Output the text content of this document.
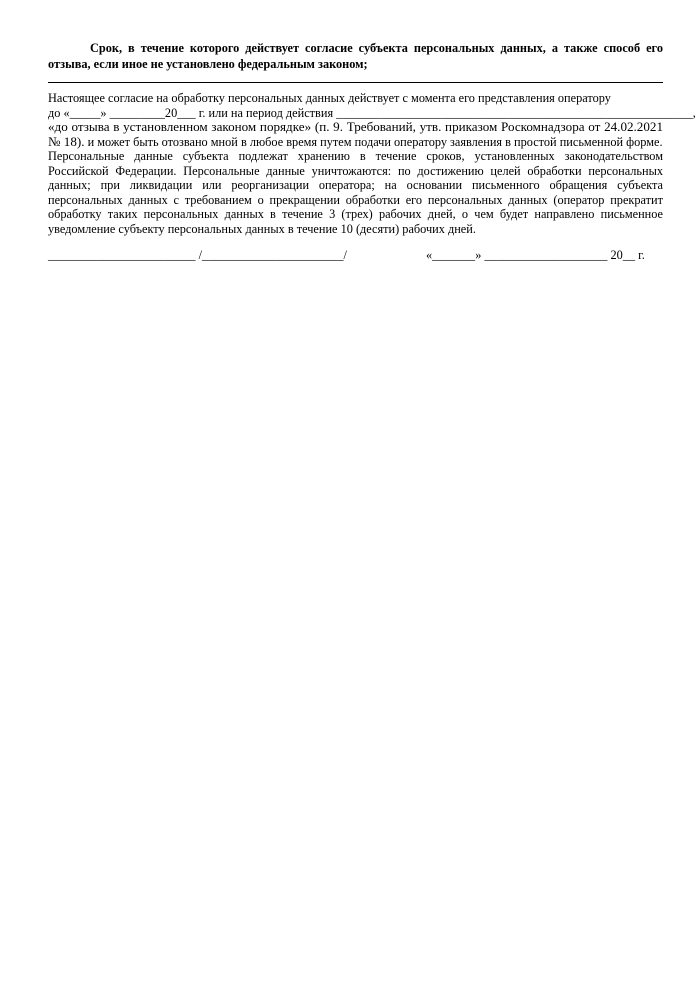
Срок, в течение которого действует согласие субъекта персональных данных, а также способ его отзыва, если иное не установлено федеральным законом;

Настоящее согласие на обработку персональных данных действует с момента его представления оператору

до «_____» _________20___ г. или на период действия __________________________________________________________,

«до отзыва в установленном законом порядке» (п. 9. Требований, утв. приказом Роскомнадзора от 24.02.2021 № 18). и может быть отозвано мной в любое время путем подачи оператору заявления в простой письменной форме.

Персональные данные субъекта подлежат хранению в течение сроков, установленных законодательством Российской Федерации. Персональные данные уничтожаются: по достижению целей обработки персональных данных; при ликвидации или реорганизации оператора; на основании письменного обращения субъекта персональных данных с требованием о прекращении обработки его персональных данных (оператор прекратит обработку таких персональных данных в течение 3 (трех) рабочих дней, о чем будет направлено письменное уведомление субъекту персональных данных в течение 10 (десяти) рабочих дней.

________________________ /_______________________/	«_______» ____________________ 20__ г.
